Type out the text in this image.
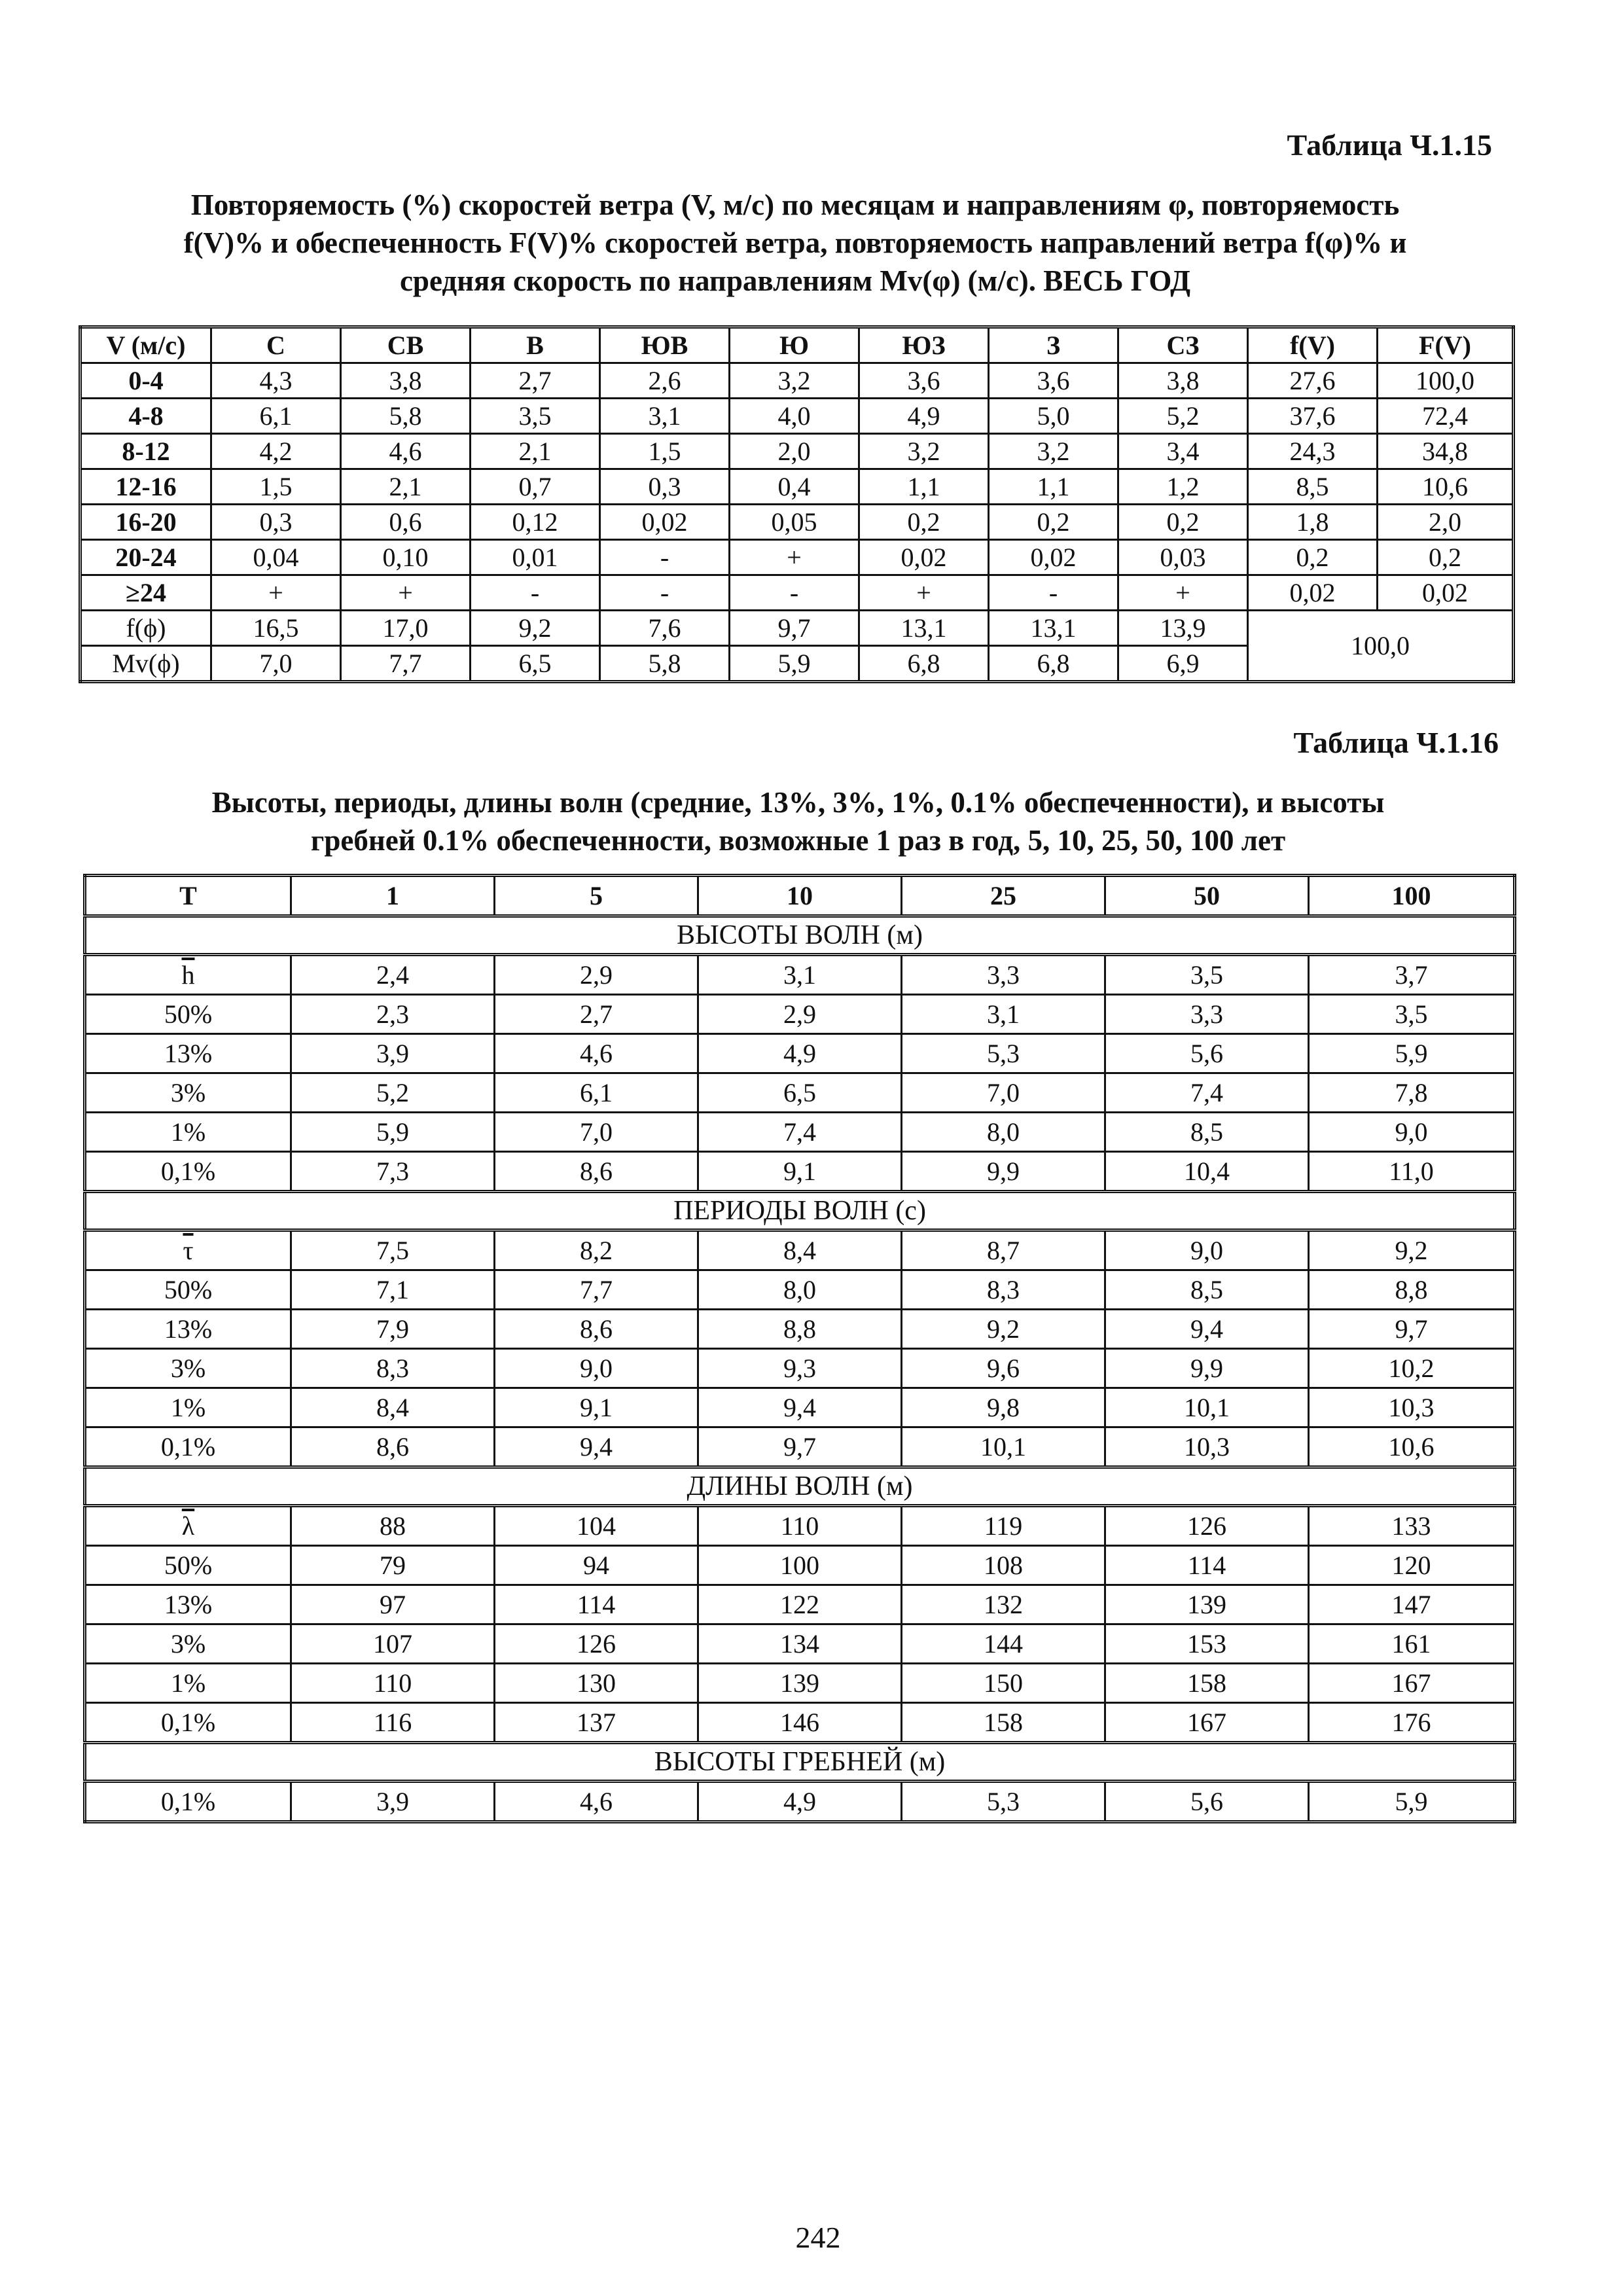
Таблица Ч.1.15
Повторяемость (%) скоростей ветра (V, м/с) по месяцам и направлениям φ, повторяемость
f(V)% и обеспеченность F(V)% скоростей ветра, повторяемость направлений ветра f(φ)% и
средняя скорость по направлениям Mv(φ) (м/с). ВЕСЬ ГОД
V (м/с)	С	СВ	В	ЮВ	Ю	ЮЗ	З	СЗ	f(V)	F(V)
0-4	4,3	3,8	2,7	2,6	3,2	3,6	3,6	3,8	27,6	100,0
4-8	6,1	5,8	3,5	3,1	4,0	4,9	5,0	5,2	37,6	72,4
8-12	4,2	4,6	2,1	1,5	2,0	3,2	3,2	3,4	24,3	34,8
12-16	1,5	2,1	0,7	0,3	0,4	1,1	1,1	1,2	8,5	10,6
16-20	0,3	0,6	0,12	0,02	0,05	0,2	0,2	0,2	1,8	2,0
20-24	0,04	0,10	0,01	-	+	0,02	0,02	0,03	0,2	0,2
≥24	+	+	-	-	-	+	-	+	0,02	0,02
f(ϕ)	16,5	17,0	9,2	7,6	9,7	13,1	13,1	13,9	100,0	
Mv(ϕ)	7,0	7,7	6,5	5,8	5,9	6,8	6,8	6,9		
Таблица Ч.1.16
Высоты, периоды, длины волн (средние, 13%, 3%, 1%, 0.1% обеспеченности), и высоты
гребней 0.1% обеспеченности, возможные 1 раз в год, 5, 10, 25, 50, 100 лет
T	1	5	10	25	50	100
ВЫСОТЫ ВОЛН (м)						
$\overline{h}$	2,4	2,9	3,1	3,3	3,5	3,7
50%	2,3	2,7	2,9	3,1	3,3	3,5
13%	3,9	4,6	4,9	5,3	5,6	5,9
3%	5,2	6,1	6,5	7,0	7,4	7,8
1%	5,9	7,0	7,4	8,0	8,5	9,0
0,1%	7,3	8,6	9,1	9,9	10,4	11,0
ПЕРИОДЫ ВОЛН (с)						
$\overline{\tau}$	7,5	8,2	8,4	8,7	9,0	9,2
50%	7,1	7,7	8,0	8,3	8,5	8,8
13%	7,9	8,6	8,8	9,2	9,4	9,7
3%	8,3	9,0	9,3	9,6	9,9	10,2
1%	8,4	9,1	9,4	9,8	10,1	10,3
0,1%	8,6	9,4	9,7	10,1	10,3	10,6
ДЛИНЫ ВОЛН (м)						
$\overline{\lambda}$	88	104	110	119	126	133
50%	79	94	100	108	114	120
13%	97	114	122	132	139	147
3%	107	126	134	144	153	161
1%	110	130	139	150	158	167
0,1%	116	137	146	158	167	176
ВЫСОТЫ ГРЕБНЕЙ (м)						
0,1%	3,9	4,6	4,9	5,3	5,6	5,9
242
